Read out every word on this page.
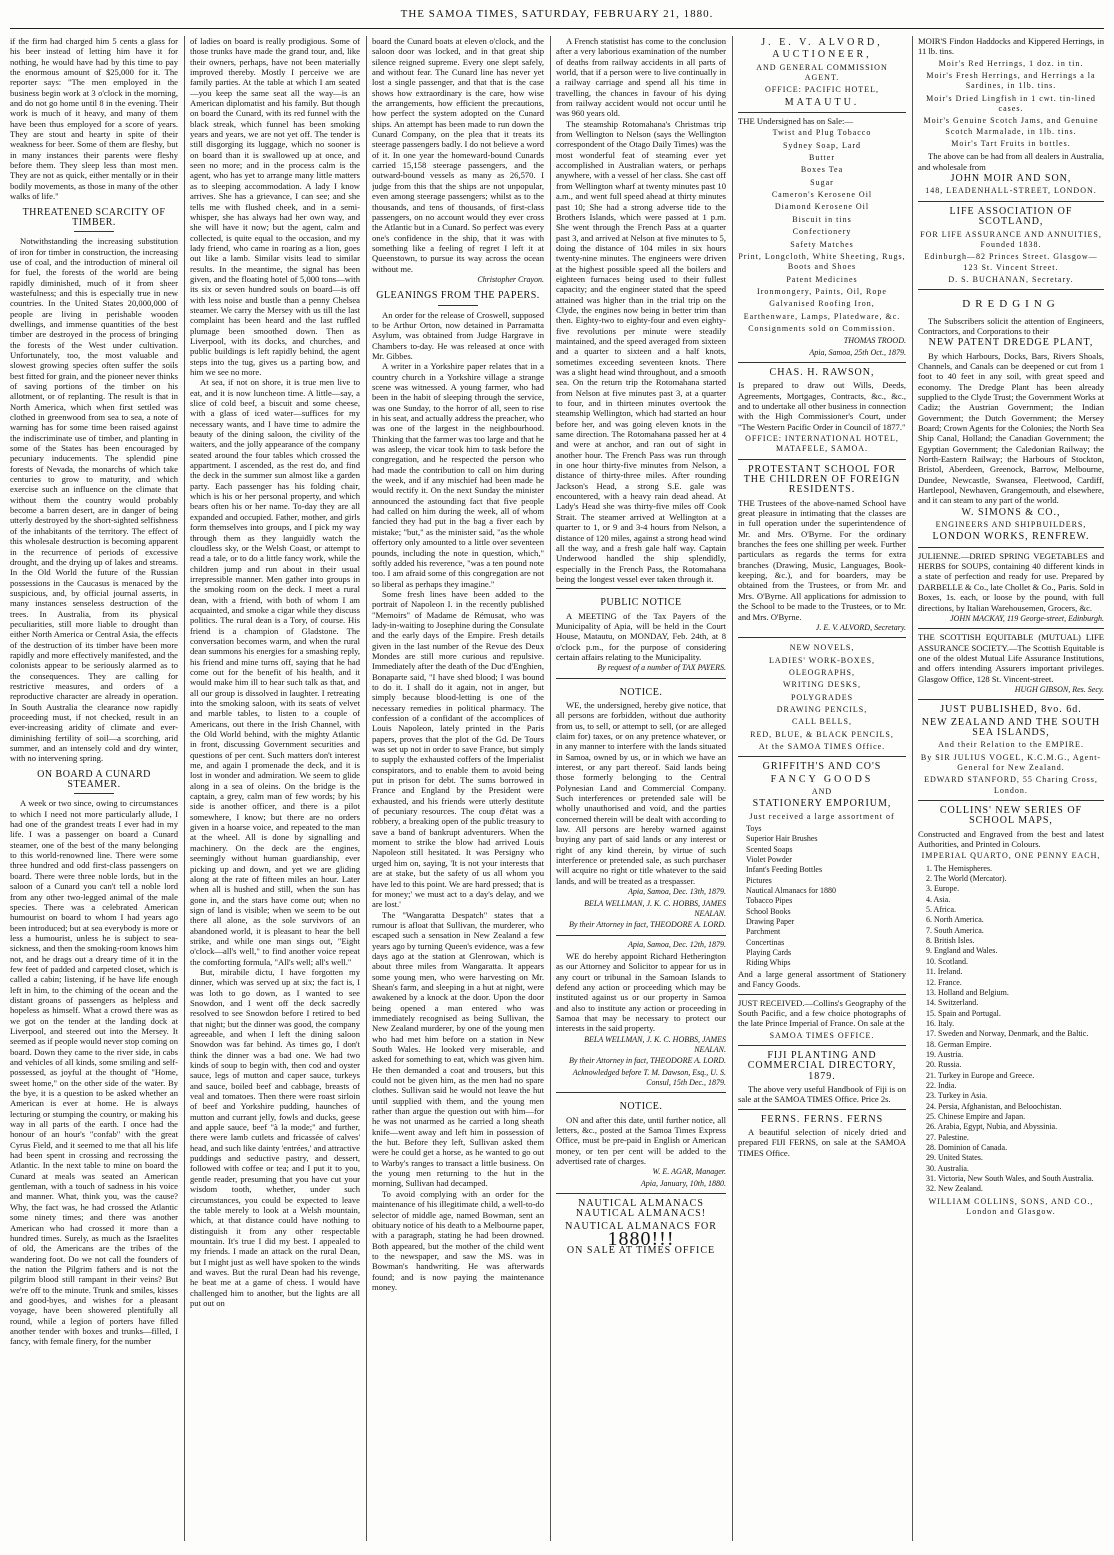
THE SAMOA TIMES, SATURDAY, FEBRUARY 21, 1880.

if the firm had charged him 5 cents a glass for his beer instead of letting him have it for nothing, he would have had by this time to pay the enormous amount of $25,000 for it. The reporter says: "The men employed in the business begin work at 3 o'clock in the morning, and do not go home until 8 in the evening. Their work is much of it heavy, and many of them have been thus employed for a score of years. They are stout and hearty in spite of their weakness for beer. Some of them are fleshy, but in many instances their parents were fleshy before them. They sleep less than most men. They are not as quick, either mentally or in their bodily movements, as those in many of the other walks of life."

THREATENED SCARCITY OF TIMBER.

Notwithstanding the increasing substitution of iron for timber in construction, the increasing use of coal, and the introduction of mineral oil for fuel, the forests of the world are being rapidly diminished, much of it from sheer wastefulness; and this is especially true in new countries. In the United States 20,000,000 of people are living in perishable wooden dwellings, and immense quantities of the best timber are destroyed in the process of bringing the forests of the West under cultivation. Unfortunately, too, the most valuable and slowest growing species often suffer the soils best fitted for grain, and the pioneer never thinks of saving portions of the timber on his allotment, or of replanting. The result is that in North America, which when first settled was clothed in greenwood from sea to sea, a note of warning has for some time been raised against the indiscriminate use of timber, and planting in some of the States has been encouraged by pecuniary inducements. The splendid pine forests of Nevada, the monarchs of which take centuries to grow to maturity, and which exercise such an influence on the climate that without them the country would probably become a barren desert, are in danger of being utterly destroyed by the short-sighted selfishness of the inhabitants of the territory. The effect of this wholesale destruction is becoming apparent in the recurrence of periods of excessive drought, and the drying up of lakes and streams. In the Old World the future of the Russian possessions in the Caucasus is menaced by the suspicious, and, by official journal asserts, in many instances senseless destruction of the trees. In Australia, from its physical peculiarities, still more liable to drought than either North America or Central Asia, the effects of the destruction of its timber have been more rapidly and more effectively manifested, and the colonists appear to be seriously alarmed as to the consequences. They are calling for restrictive measures, and orders of a reproductive character are already in operation. In South Australia the clearance now rapidly proceeding must, if not checked, result in an ever-increasing aridity of climate and ever-diminishing fertility of soil—a scorching, arid summer, and an intensely cold and dry winter, with no intervening spring.

ON BOARD A CUNARD STEAMER.

A week or two since, owing to circumstances to which I need not more particularly allude, I had one of the grandest treats I ever had in my life. I was a passenger on board a Cunard steamer, one of the best of the many belonging to this world-renowned line. There were some three hundred and odd first-class passengers on board. There were three noble lords, but in the saloon of a Cunard you can't tell a noble lord from any other two-legged animal of the male species. There was a celebrated American humourist on board to whom I had years ago been introduced; but at sea everybody is more or less a humourist, unless he is subject to sea-sickness, and then the smoking-room knows him not, and he drags out a dreary time of it in the few feet of padded and carpeted closet, which is called a cabin; listening, if he have life enough left in him, to the chiming of the ocean and the distant groans of passengers as helpless and hopeless as himself. What a crowd there was as we got on the tender at the landing dock at Liverpool, and steered out into the Mersey. It seemed as if people would never stop coming on board. Down they came to the river side, in cabs and vehicles of all kinds, some smiling and self-possessed, as joyful at the thought of "Home, sweet home," on the other side of the water. By the bye, it is a question to be asked whether an American is ever at home. He is always lecturing or stumping the country, or making his way in all parts of the earth. I once had the honour of an hour's "confab" with the great Cyrus Field, and it seemed to me that all his life had been spent in crossing and recrossing the Atlantic. In the next table to mine on board the Cunard at meals was seated an American gentleman, with a touch of sadness in his voice and manner. What, think you, was the cause? Why, the fact was, he had crossed the Atlantic some ninety times; and there was another American who had crossed it more than a hundred times. Surely, as much as the Israelites of old, the Americans are the tribes of the wandering foot. Do we not call the founders of the nation the Pilgrim fathers and is not the pilgrim blood still rampant in their veins? But we're off to the minute. Trunk and smiles, kisses and good-byes, and wishes for a pleasant voyage, have been showered plentifully all round, while a legion of porters have filled another tender with boxes and trunks—filled, I fancy, with female finery, for the number

of ladies on board is really prodigious. Some of those trunks have made the grand tour, and, like their owners, perhaps, have not been materially improved thereby. Mostly I perceive we are family parties. At the table at which I am seated—you keep the same seat all the way—is an American diplomatist and his family. But though on board the Cunard, with its red funnel with the black streak, which funnel has been smoking years and years, we are not yet off. The tender is still disgorging its luggage, which no sooner is on board than it is swallowed up at once, and seen no more; and in the process calm is the agent, who has yet to arrange many little matters as to sleeping accommodation. A lady I know arrives. She has a grievance, I can see; and she tells me with flushed cheek, and in a semi-whisper, she has always had her own way, and she will have it now; but the agent, calm and collected, is quite equal to the occasion, and my lady friend, who came in roaring as a lion, goes out like a lamb. Similar visits lead to similar results. In the meantime, the signal has been given, and the floating hotel of 5,000 tons—with its six or seven hundred souls on board—is off with less noise and bustle than a penny Chelsea steamer. We carry the Mersey with us till the last complaint has been heard and the last ruffled plumage been smoothed down. Then as Liverpool, with its docks, and churches, and public buildings is left rapidly behind, the agent steps into the tug, gives us a parting bow, and him we see no more.

At sea, if not on shore, it is true men live to eat, and it is now luncheon time. A little—say, a slice of cold beef, a biscuit and some cheese, with a glass of iced water—suffices for my necessary wants, and I have time to admire the beauty of the dining saloon, the civility of the waiters, and the jolly appearance of the company seated around the four tables which crossed the appartment. I ascended, as the rest do, and find the deck in the summer sun almost like a garden party. Each passenger has his folding chair, which is his or her personal property, and which bears often his or her name. To-day they are all expanded and occupied. Father, mother, and girls form themselves into groups, and I pick my way through them as they languidly watch the cloudless sky, or the Welsh Coast, or attempt to read a tale, or to do a little fancy work, while the children jump and run about in their usual irrepressible manner. Men gather into groups in the smoking room on the deck. I meet a rural dean, with a friend, with both of whom I am acquainted, and smoke a cigar while they discuss politics. The rural dean is a Tory, of course. His friend is a champion of Gladstone. The conversation becomes warm, and when the rural dean summons his energies for a smashing reply, his friend and mine turns off, saying that he had come out for the benefit of his health, and it would make him ill to hear such talk as that, and all our group is dissolved in laughter. I retreating into the smoking saloon, with its seats of velvet and marble tables, to listen to a couple of Americans, out there in the Irish Channel, with the Old World behind, with the mighty Atlantic in front, discussing Government securities and questions of per cent. Such matters don't interest me, and again I promenade the deck, and it is lost in wonder and admiration. We seem to glide along in a sea of oleins. On the bridge is the captain, a grey, calm man of few words; by his side is another officer, and there is a pilot somewhere, I know; but there are no orders given in a hoarse voice, and repeated to the man at the wheel. All is done by signalling and machinery. On the deck are the engines, seemingly without human guardianship, ever picking up and down, and yet we are gliding along at the rate of fifteen miles an hour. Later when all is hushed and still, when the sun has gone in, and the stars have come out; when no sign of land is visible; when we seem to be out there all alone, as the sole survivors of an abandoned world, it is pleasant to hear the bell strike, and while one man sings out, "Eight o'clock—all's well," to find another voice repeat the comforting formula, "All's well; all's well."

But, mirabile dictu, I have forgotten my dinner, which was served up at six; the fact is, I was loth to go down, as I wanted to see Snowdon, and I went off the deck sacredly resolved to see Snowdon before I retired to bed that night; but the dinner was good, the company agreeable, and when I left the dining saloon Snowdon was far behind. As times go, I don't think the dinner was a bad one. We had two kinds of soup to begin with, then cod and oyster sauce, legs of mutton and caper sauce, turkeys and sauce, boiled beef and cabbage, breasts of veal and tomatoes. Then there were roast sirloin of beef and Yorkshire pudding, haunches of mutton and currant jelly, fowls and ducks, geese and apple sauce, beef "à la mode;" and further, there were lamb cutlets and fricassée of calves' head, and such like dainty 'entrées,' and attractive puddings and seductive pastry, and dessert, followed with coffee or tea; and I put it to you, gentle reader, presuming that you have cut your wisdom tooth, whether, under such circumstances, you could be expected to leave the table merely to look at a Welsh mountain, which, at that distance could have nothing to distinguish it from any other respectable mountain. It's true I did my best. I appealed to my friends. I made an attack on the rural Dean, but I might just as well have spoken to the winds and waves. But the rural Dean had his revenge, he beat me at a game of chess. I would have challenged him to another, but the lights are all put out on

board the Cunard boats at eleven o'clock, and the saloon door was locked, and in that great ship silence reigned supreme. Every one slept safely, and without fear. The Cunard line has never yet lost a single passenger, and that that is the case shows how extraordinary is the care, how wise the arrangements, how efficient the precautions, how perfect the system adopted on the Cunard ships. An attempt has been made to run down the Cunard Company, on the plea that it treats its steerage passengers badly. I do not believe a word of it. In one year the homeward-bound Cunards carried 15,158 steerage passengers, and the outward-bound vessels as many as 26,570. I judge from this that the ships are not unpopular, even among steerage passengers; whilst as to the thousands, and tens of thousands, of first-class passengers, on no account would they ever cross the Atlantic but in a Cunard. So perfect was every one's confidence in the ship, that it was with something like a feeling of regret I left it at Queenstown, to pursue its way across the ocean without me.

Christopher Crayon.
GLEANINGS FROM THE PAPERS.

An order for the release of Croswell, supposed to be Arthur Orton, now detained in Parramatta Asylum, was obtained from Judge Hargrave in Chambers to-day. He was released at once with Mr. Gibbes.

A writer in a Yorkshire paper relates that in a country church in a Yorkshire village a strange scene was witnessed. A young farmer, who had been in the habit of sleeping through the service, was one Sunday, to the horror of all, seen to rise in his seat, and actually address the preacher, who was one of the largest in the neighbourhood. Thinking that the farmer was too large and that he was asleep, the vicar took him to task before the congregation, and he respected the person who had made the contribution to call on him during the week, and if any mischief had been made he would rectify it. On the next Sunday the minister announced the astounding fact that five people had called on him during the week, all of whom fancied they had put in the bag a fiver each by mistake; "but," as the minister said, "as the whole offertory only amounted to a little over seventeen pounds, including the note in question, which," softly added his reverence, "was a ten pound note too. I am afraid some of this congregation are not so liberal as perhaps they imagine."

Some fresh lines have been added to the portrait of Napoleon I. in the recently published "Memoirs" of Madame de Rémusat, who was lady-in-waiting to Josephine during the Consulate and the early days of the Empire. Fresh details given in the last number of the Revue des Deux Mondes are still more curious and repulsive. Immediately after the death of the Duc d'Enghien, Bonaparte said, "I have shed blood; I was bound to do it. I shall do it again, not in anger, but simply because blood-letting is one of the necessary remedies in political pharmacy. The confession of a confidant of the accomplices of Louis Napoleon, lately printed in the Paris papers, proves that the plot of the Gd. De Tours was set up not in order to save France, but simply to supply the exhausted coffers of the Imperialist conspirators, and to enable them to avoid being put in prison for debt. The sums borrowed in France and England by the President were exhausted, and his friends were utterly destitute of pecuniary resources. The coup d'état was a robbery, a breaking open of the public treasury to save a band of bankrupt adventurers. When the moment to strike the blow had arrived Louis Napoleon still hesitated. It was Persigny who urged him on, saying, 'It is not your interests that are at stake, but the safety of us all whom you have led to this point. We are hard pressed; that is for money;' we must act to a day's delay, and we are lost.'

The "Wangaratta Despatch" states that a rumour is afloat that Sullivan, the murderer, who escaped such a sensation in New Zealand a few years ago by turning Queen's evidence, was a few days ago at the station at Glenrowan, which is about three miles from Wangaratta. It appears some young men, who were harvesting on Mr. Shean's farm, and sleeping in a hut at night, were awakened by a knock at the door. Upon the door being opened a man entered who was immediately recognised as being Sullivan, the New Zealand murderer, by one of the young men who had met him before on a station in New South Wales. He looked very miserable, and asked for something to eat, which was given him. He then demanded a coat and trousers, but this could not be given him, as the men had no spare clothes. Sullivan said he would not leave the hut until supplied with them, and the young men rather than argue the question out with him—for he was not unarmed as he carried a long sheath knife—went away and left him in possession of the hut. Before they left, Sullivan asked them were he could get a horse, as he wanted to go out to Warby's ranges to transact a little business. On the young men returning to the hut in the morning, Sullivan had decamped.

To avoid complying with an order for the maintenance of his illegitimate child, a well-to-do selector of middle age, named Bowman, sent an obituary notice of his death to a Melbourne paper, with a paragraph, stating he had been drowned. Both appeared, but the mother of the child went to the newspaper, and saw the MS. was in Bowman's handwriting. He was afterwards found; and is now paying the maintenance money.

A French statistist has come to the conclusion after a very laborious examination of the number of deaths from railway accidents in all parts of world, that if a person were to live continually in a railway carriage and spend all his time in travelling, the chances in favour of his dying from railway accident would not occur until he was 960 years old.

The steamship Rotomahana's Christmas trip from Wellington to Nelson (says the Wellington correspondent of the Otago Daily Times) was the most wonderful feat of steaming ever yet accomplished in Australian waters, or perhaps anywhere, with a vessel of her class. She cast off from Wellington wharf at twenty minutes past 10 a.m., and went full speed ahead at thirty minutes past 10; She had a strong adverse tide to the Brothers Islands, which were passed at 1 p.m. She went through the French Pass at a quarter past 3, and arrived at Nelson at five minutes to 5, doing the distance of 104 miles in six hours twenty-nine minutes. The engineers were driven at the highest possible speed all the boilers and eighteen furnaces being used to their fullest capacity; and the engineer stated that the speed attained was higher than in the trial trip on the Clyde, the engines now being in better trim than then. Eighty-two to eighty-four and even eighty-five revolutions per minute were steadily maintained, and the speed averaged from sixteen and a quarter to sixteen and a half knots, sometimes exceeding seventeen knots. There was a slight head wind throughout, and a smooth sea. On the return trip the Rotomahana started from Nelson at five minutes past 3, at a quarter to four, and in thirteen minutes overtook the steamship Wellington, which had started an hour before her, and was going eleven knots in the same direction. The Rotomahana passed her at 4 and were at anchor, and ran out of sight in another hour. The French Pass was run through in one hour thirty-five minutes from Nelson, a distance of thirty-three miles. After rounding Jackson's Head, a strong S.E. gale was encountered, with a heavy rain dead ahead. At Lady's Head she was thirty-five miles off Cook Strait. The steamer arrived at Wellington at a quarter to 1, or 9 and 3-4 hours from Nelson, a distance of 120 miles, against a strong head wind all the way, and a fresh gale half way. Captain Underwood handled the ship splendidly, especially in the French Pass, the Rotomahana being the longest vessel ever taken through it.

PUBLIC NOTICE

A MEETING of the Tax Payers of the Municipality of Apia, will be held in the Court House, Matautu, on MONDAY, Feb. 24th, at 8 o'clock p.m., for the purpose of considering certain affairs relating to the Municipality.

By request of a number of TAX PAYERS.
NOTICE.

WE, the undersigned, hereby give notice, that all persons are forbidden, without due authority from us, to sell, or attempt to sell, (or are alleged claim for) taxes, or on any pretence whatever, or in any manner to interfere with the lands situated in Samoa, owned by us, or in which we have an interest, or any part thereof. Said lands being those formerly belonging to the Central Polynesian Land and Commercial Company. Such interferences or pretended sale will be wholly unauthorised and void, and the parties concerned therein will be dealt with according to law. All persons are hereby warned against buying any part of said lands or any interest or right of any kind therein, by virtue of such interference or pretended sale, as such purchaser will acquire no right or title whatever to the said lands, and will be treated as a trespasser.

Apia, Samoa, Dec. 13th, 1879.
BELA WELLMAN, J. K. C. HOBBS, JAMES NEALAN.
By their Attorney in fact, THEODORE A. LORD.
Apia, Samoa, Dec. 12th, 1879.

WE do hereby appoint Richard Hetherington as our Attorney and Solicitor to appear for us in any court or tribunal in the Samoan Islands to defend any action or proceeding which may be instituted against us or our property in Samoa and also to institute any action or proceeding in Samoa that may be necessary to protect our interests in the said property.

BELA WELLMAN, J. K. C. HOBBS, JAMES NEALAN.
By their Attorney in fact, THEODORE A. LORD.
Acknowledged before T. M. Dawson, Esq., U. S. Consul, 15th Dec., 1879.
NOTICE.

ON and after this date, until further notice, all letters, &c., posted at the Samoa Times Express Office, must be pre-paid in English or American money, or ten per cent will be added to the advertised rate of charges.

W. E. AGAR, Manager.
Apia, January, 10th, 1880.
NAUTICAL ALMANACS NAUTICAL ALMANACS!
NAUTICAL ALMANACS FOR
1880!!!
ON SALE AT TIMES OFFICE
J. E. V. ALVORD,
AUCTIONEER,
AND GENERAL COMMISSION AGENT.
OFFICE: PACIFIC HOTEL,
MATAUTU.

THE Undersigned has on Sale:—

Twist and Plug Tobacco
Sydney Soap, Lard
Butter
Boxes Tea
Sugar
Cameron's Kerosene Oil
Diamond Kerosene Oil
Biscuit in tins
Confectionery
Safety Matches
Print, Longcloth, White Sheeting, Rugs, Boots and Shoes
Patent Medicines
Ironmongery, Paints, Oil, Rope
Galvanised Roofing Iron,
Earthenware, Lamps, Platedware, &c.
Consignments sold on Commission.
THOMAS TROOD.
Apia, Samoa, 25th Oct., 1879.
CHAS. H. RAWSON,

Is prepared to draw out Wills, Deeds, Agreements, Mortgages, Contracts, &c., &c., and to undertake all other business in connection with the High Commissioner's Court, under "The Western Pacific Order in Council of 1877."

OFFICE: INTERNATIONAL HOTEL, MATAFELE, SAMOA.
PROTESTANT SCHOOL FOR THE CHILDREN OF FOREIGN RESIDENTS.

THE Trustees of the above-named School have great pleasure in intimating that the classes are in full operation under the superintendence of Mr. and Mrs. O'Byrne. For the ordinary branches the fees one shilling per week. Further particulars as regards the terms for extra branches (Drawing, Music, Languages, Book-keeping, &c.), and for boarders, may be obtained from the Trustees, or from Mr. and Mrs. O'Byrne. All applications for admission to the School to be made to the Trustees, or to Mr. and Mrs. O'Byrne.

J. E. V. ALVORD, Secretary.
NEW NOVELS,
LADIES' WORK-BOXES,
OLEOGRAPHS,
WRITING DESKS,
POLYGRADES
DRAWING PENCILS,
CALL BELLS,
RED, BLUE, & BLACK PENCILS,
At the SAMOA TIMES Office.
GRIFFITH'S AND CO'S
FANCY GOODS
AND
STATIONERY EMPORIUM,
Just received a large assortment of
Toys
Superior Hair Brushes
Scented Soaps
Violet Powder
Infant's Feeding Bottles
Pictures
Nautical Almanacs for 1880
Tobacco Pipes
School Books
Drawing Paper
Parchment
Concertinas
Playing Cards
Riding Whips

And a large general assortment of Stationery and Fancy Goods.

JUST RECEIVED.—Collins's Geography of the South Pacific, and a few choice photographs of the late Prince Imperial of France. On sale at the

SAMOA TIMES OFFICE.
FIJI PLANTING AND COMMERCIAL DIRECTORY, 1879.

The above very useful Handbook of Fiji is on sale at the SAMOA TIMES Office. Price 2s.

FERNS. FERNS. FERNS

A beautiful selection of nicely dried and prepared FIJI FERNS, on sale at the SAMOA TIMES Office.

MOIR'S Findon Haddocks and Kippered Herrings, in 11 lb. tins.

Moir's Red Herrings, 1 doz. in tin.
Moir's Fresh Herrings, and Herrings a la Sardines, in 1lb. tins.
Moir's Dried Lingfish in 1 cwt. tin-lined cases.
Moir's Genuine Scotch Jams, and Genuine Scotch Marmalade, in 1lb. tins.
Moir's Tart Fruits in bottles.

The above can be had from all dealers in Australia, and wholesale from

JOHN MOIR AND SON,
148, LEADENHALL-STREET, LONDON.
LIFE ASSOCIATION OF SCOTLAND,
FOR LIFE ASSURANCE AND ANNUITIES, Founded 1838.
Edinburgh—82 Princes Street. Glasgow—123 St. Vincent Street.
D. S. BUCHANAN, Secretary.
DREDGING

The Subscribers solicit the attention of Engineers, Contractors, and Corporations to their

NEW PATENT DREDGE PLANT,

By which Harbours, Docks, Bars, Rivers Shoals, Channels, and Canals can be deepened or cut from 1 foot to 40 feet in any soil, with great speed and economy. The Dredge Plant has been already supplied to the Clyde Trust; the Government Works at Cadiz; the Austrian Government; the Indian Government; the Dutch Government; the Mersey Board; Crown Agents for the Colonies; the North Sea Ship Canal, Holland; the Canadian Government; the Egyptian Government; the Caledonian Railway; the North-Eastern Railway; the Harbours of Stockton, Bristol, Aberdeen, Greenock, Barrow, Melbourne, Dundee, Newcastle, Swansea, Fleetwood, Cardiff, Hartlepool, Newhaven, Grangemouth, and elsewhere, and it can steam to any part of the world.

W. SIMONS & CO.,
ENGINEERS AND SHIPBUILDERS,
LONDON WORKS, RENFREW.

JULIENNE.—DRIED SPRING VEGETABLES and HERBS for SOUPS, containing 40 different kinds in a state of perfection and ready for use. Prepared by DARBELLE & Co., late Chollet & Co., Paris. Sold in Boxes, 1s. each, or loose by the pound, with full directions, by Italian Warehousemen, Grocers, &c.

JOHN MACKAY, 119 George-street, Edinburgh.

THE SCOTTISH EQUITABLE (MUTUAL) LIFE ASSURANCE SOCIETY.—The Scottish Equitable is one of the oldest Mutual Life Assurance Institutions, and offers intending Assurers important privileges. Glasgow Office, 128 St. Vincent-street.

HUGH GIBSON, Res. Secy.
JUST PUBLISHED, 8vo. 6d.
NEW ZEALAND AND THE SOUTH SEA ISLANDS,
And their Relation to the EMPIRE.
By SIR JULIUS VOGEL, K.C.M.G., Agent-General for New Zealand.
EDWARD STANFORD, 55 Charing Cross, London.
COLLINS' NEW SERIES OF SCHOOL MAPS,

Constructed and Engraved from the best and latest Authorities, and Printed in Colours.

IMPERIAL QUARTO, ONE PENNY EACH,
1. The Hemispheres.
2. The World (Mercator).
3. Europe.
4. Asia.
5. Africa.
6. North America.
7. South America.
8. British Isles.
9. England and Wales.
10. Scotland.
11. Ireland.
12. France.
13. Holland and Belgium.
14. Switzerland.
15. Spain and Portugal.
16. Italy.
17. Sweden and Norway, Denmark, and the Baltic.
18. German Empire.
19. Austria.
20. Russia.
21. Turkey in Europe and Greece.
22. India.
23. Turkey in Asia.
24. Persia, Afghanistan, and Beloochistan.
25. Chinese Empire and Japan.
26. Arabia, Egypt, Nubia, and Abyssinia.
27. Palestine.
28. Dominion of Canada.
29. United States.
30. Australia.
31. Victoria, New South Wales, and South Australia.
32. New Zealand.
WILLIAM COLLINS, SONS, AND CO., London and Glasgow.
